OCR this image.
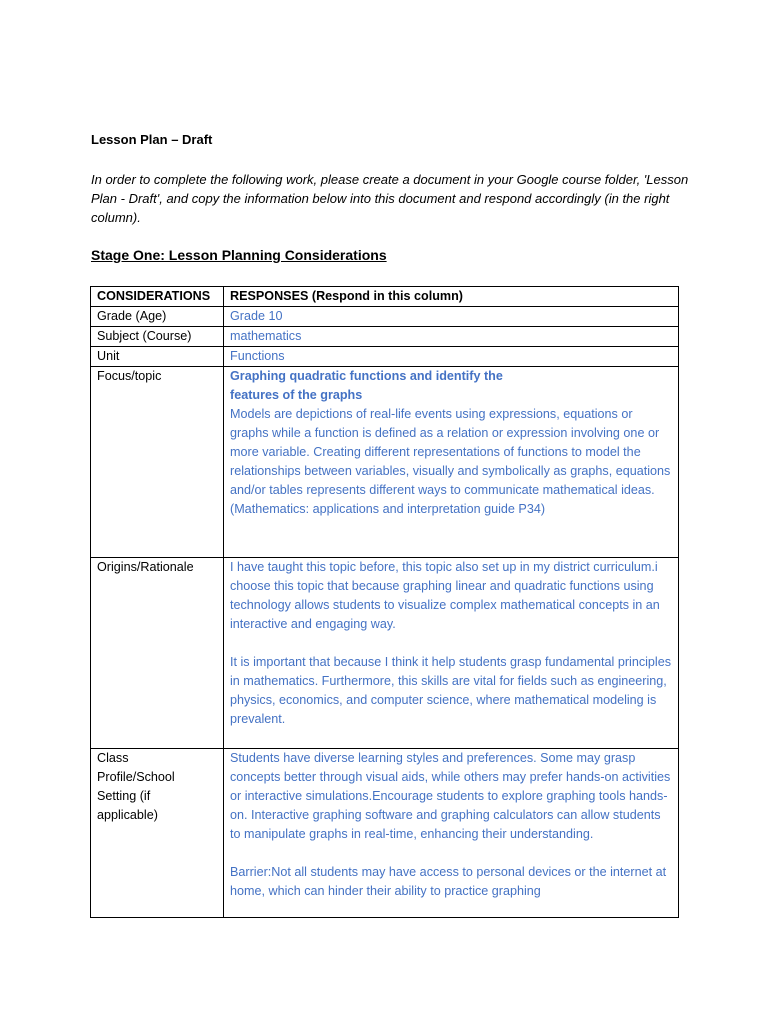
Lesson Plan – Draft
In order to complete the following work, please create a document in your Google course folder, 'Lesson Plan - Draft', and copy the information below into this document and respond accordingly (in the right column).
Stage One: Lesson Planning Considerations
CONSIDERATIONS	RESPONSES (Respond in this column)
Grade (Age)	Grade 10
Subject (Course)	mathematics
Unit	Functions
Focus/topic	Graphing quadratic functions and identify the features of the graphs
Models are depictions of real-life events using expressions, equations or graphs while a function is defined as a relation or expression involving one or more variable. Creating different representations of functions to model the relationships between variables, visually and symbolically as graphs, equations and/or tables represents different ways to communicate mathematical ideas.(Mathematics: applications and interpretation guide P34)

Origins/Rationale	I have taught this topic before, this topic also set up in my district curriculum.i choose this topic that because graphing linear and quadratic functions using technology allows students to visualize complex mathematical concepts in an interactive and engaging way.
It is important that because I think it help students grasp fundamental principles in mathematics. Furthermore, this skills are vital for fields such as engineering, physics, economics, and computer science, where mathematical modeling is prevalent.

Class Profile/School Setting (if applicable)	Students have diverse learning styles and preferences. Some may grasp concepts better through visual aids, while others may prefer hands-on activities or interactive simulations.Encourage students to explore graphing tools hands-on. Interactive graphing software and graphing calculators can allow students to manipulate graphs in real-time, enhancing their understanding.
Barrier:Not all students may have access to personal devices or the internet at home, which can hinder their ability to practice graphing
